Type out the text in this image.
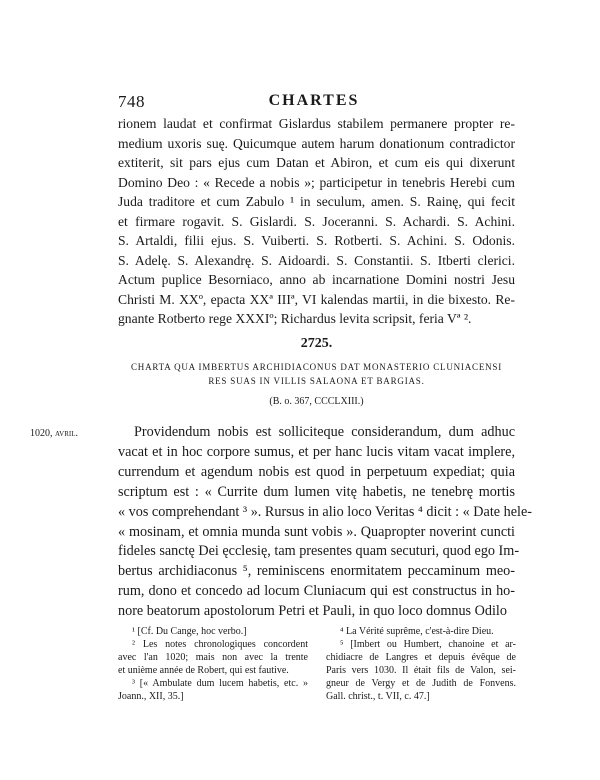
748	CHARTES
rionem laudat et confirmat Gislardus stabilem permanere propter re-
medium uxoris suę. Quicumque autem harum donationum contradictor
extiterit, sit pars ejus cum Datan et Abiron, et cum eis qui dixerunt
Domino Deo : « Recede a nobis »; participetur in tenebris Herebi cum
Juda traditore et cum Zabulo ¹ in seculum, amen. S. Rainę, qui fecit
et firmare rogavit. S. Gislardi. S. Joceranni. S. Achardi. S. Achini.
S. Artaldi, filii ejus. S. Vuiberti. S. Rotberti. S. Achini. S. Odonis.
S. Adelę. S. Alexandrę. S. Aidoardi. S. Constantii. S. Itberti clerici.
Actum puplice Besorniaco, anno ab incarnatione Domini nostri Jesu
Christi M. XXº, epacta XXª IIIª, VI kalendas martii, in die bixesto. Re-
gnante Rotberto rege XXXIº; Richardus levita scripsit, feria Vª ².
2725.
CHARTA QUA IMBERTUS ARCHIDIACONUS DAT MONASTERIO CLUNIACENSI
RES SUAS IN VILLIS SALAONA ET BARGIAS.
(B. o. 367, CCCLXIII.)
1020, avril.	Providendum nobis est solliciteque considerandum, dum adhuc
vacat et in hoc corpore sumus, et per hanc lucis vitam vacat implere,
currendum et agendum nobis est quod in perpetuum expediat; quia
scriptum est : « Currite dum lumen vitę habetis, ne tenebrę mortis
« vos comprehendant ³ ». Rursus in alio loco Veritas ⁴ dicit : « Date hele-
« mosinam, et omnia munda sunt vobis ». Quapropter noverint cuncti
fideles sanctę Dei ęcclesię, tam presentes quam secuturi, quod ego Im-
bertus archidiaconus ⁵, reminiscens enormitatem peccaminum meo-
rum, dono et concedo ad locum Cluniacum qui est constructus in ho-
nore beatorum apostolorum Petri et Pauli, in quo loco domnus Odilo
¹ [Cf. Du Cange, hoc verbo.]
² Les notes chronologiques concordent
avec l'an 1020; mais non avec la trente
et unième année de Robert, qui est fautive.
³ [« Ambulate dum lucem habetis, etc. »
Joann., XII, 35.]
⁴ La Vérité suprême, c'est-à-dire Dieu.
⁵ [Imbert ou Humbert, chanoine et ar-
chidiacre de Langres et depuis évêque de
Paris vers 1030. Il était fils de Valon, sei-
gneur de Vergy et de Judith de Fonvens.
Gall. christ., t. VII, c. 47.]
